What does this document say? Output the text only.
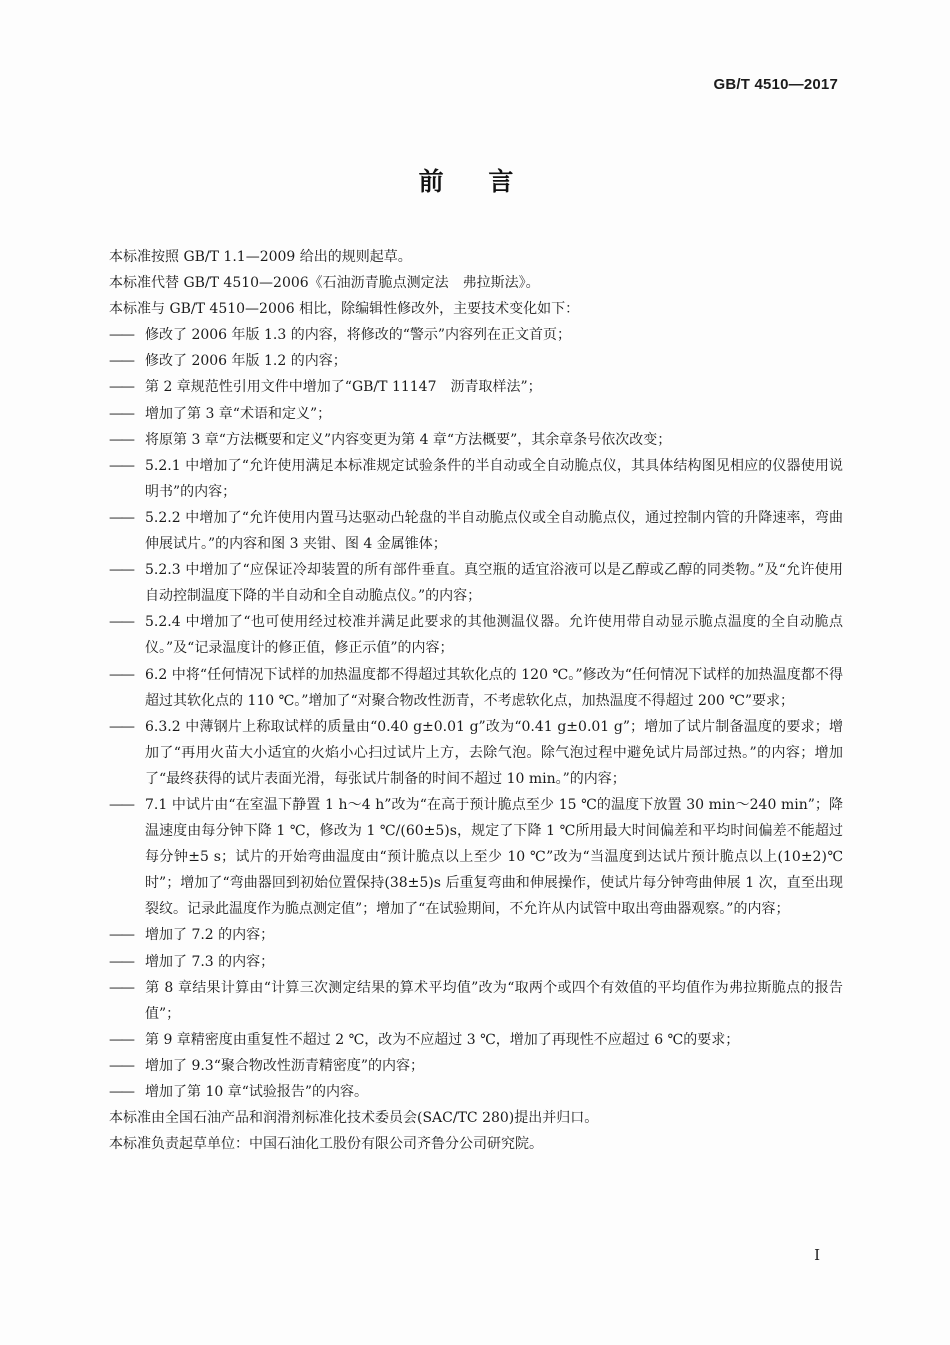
GB/T 4510—2017
前 言

本标准按照 GB/T 1.1—2009 给出的规则起草。

本标准代替 GB/T 4510—2006《石油沥青脆点测定法　弗拉斯法》。

本标准与 GB/T 4510—2006 相比，除编辑性修改外，主要技术变化如下：

—— 修改了 2006 年版 1.3 的内容，将修改的“警示”内容列在正文首页；

—— 修改了 2006 年版 1.2 的内容；

—— 第 2 章规范性引用文件中增加了“GB/T 11147　沥青取样法”；

—— 增加了第 3 章“术语和定义”；

—— 将原第 3 章“方法概要和定义”内容变更为第 4 章“方法概要”，其余章条号依次改变；

—— 5.2.1 中增加了“允许使用满足本标准规定试验条件的半自动或全自动脆点仪，其具体结构图见相应的仪器使用说明书”的内容；

—— 5.2.2 中增加了“允许使用内置马达驱动凸轮盘的半自动脆点仪或全自动脆点仪，通过控制内管的升降速率，弯曲伸展试片。”的内容和图 3 夹钳、图 4 金属锥体；

—— 5.2.3 中增加了“应保证冷却装置的所有部件垂直。真空瓶的适宜浴液可以是乙醇或乙醇的同类物。”及“允许使用自动控制温度下降的半自动和全自动脆点仪。”的内容；

—— 5.2.4 中增加了“也可使用经过校准并满足此要求的其他测温仪器。允许使用带自动显示脆点温度的全自动脆点仪。”及“记录温度计的修正值，修正示值”的内容；

—— 6.2 中将“任何情况下试样的加热温度都不得超过其软化点的 120 ℃。”修改为“任何情况下试样的加热温度都不得超过其软化点的 110 ℃。”增加了“对聚合物改性沥青，不考虑软化点，加热温度不得超过 200 ℃”要求；

—— 6.3.2 中薄钢片上称取试样的质量由“0.40 g±0.01 g”改为“0.41 g±0.01 g”；增加了试片制备温度的要求；增加了“再用火苗大小适宜的火焰小心扫过试片上方，去除气泡。除气泡过程中避免试片局部过热。”的内容；增加了“最终获得的试片表面光滑，每张试片制备的时间不超过 10 min。”的内容；

—— 7.1 中试片由“在室温下静置 1 h～4 h”改为“在高于预计脆点至少 15 ℃的温度下放置 30 min～240 min”；降温速度由每分钟下降 1 ℃，修改为 1 ℃/(60±5)s，规定了下降 1 ℃所用最大时间偏差和平均时间偏差不能超过每分钟±5 s；试片的开始弯曲温度由“预计脆点以上至少 10 ℃”改为“当温度到达试片预计脆点以上(10±2)℃时”；增加了“弯曲器回到初始位置保持(38±5)s 后重复弯曲和伸展操作，使试片每分钟弯曲伸展 1 次，直至出现裂纹。记录此温度作为脆点测定值”；增加了“在试验期间，不允许从内试管中取出弯曲器观察。”的内容；

—— 增加了 7.2 的内容；

—— 增加了 7.3 的内容；

—— 第 8 章结果计算由“计算三次测定结果的算术平均值”改为“取两个或四个有效值的平均值作为弗拉斯脆点的报告值”；

—— 第 9 章精密度由重复性不超过 2 ℃，改为不应超过 3 ℃，增加了再现性不应超过 6 ℃的要求；

—— 增加了 9.3“聚合物改性沥青精密度”的内容；

—— 增加了第 10 章“试验报告”的内容。

本标准由全国石油产品和润滑剂标准化技术委员会(SAC/TC 280)提出并归口。

本标准负责起草单位：中国石油化工股份有限公司齐鲁分公司研究院。

I
